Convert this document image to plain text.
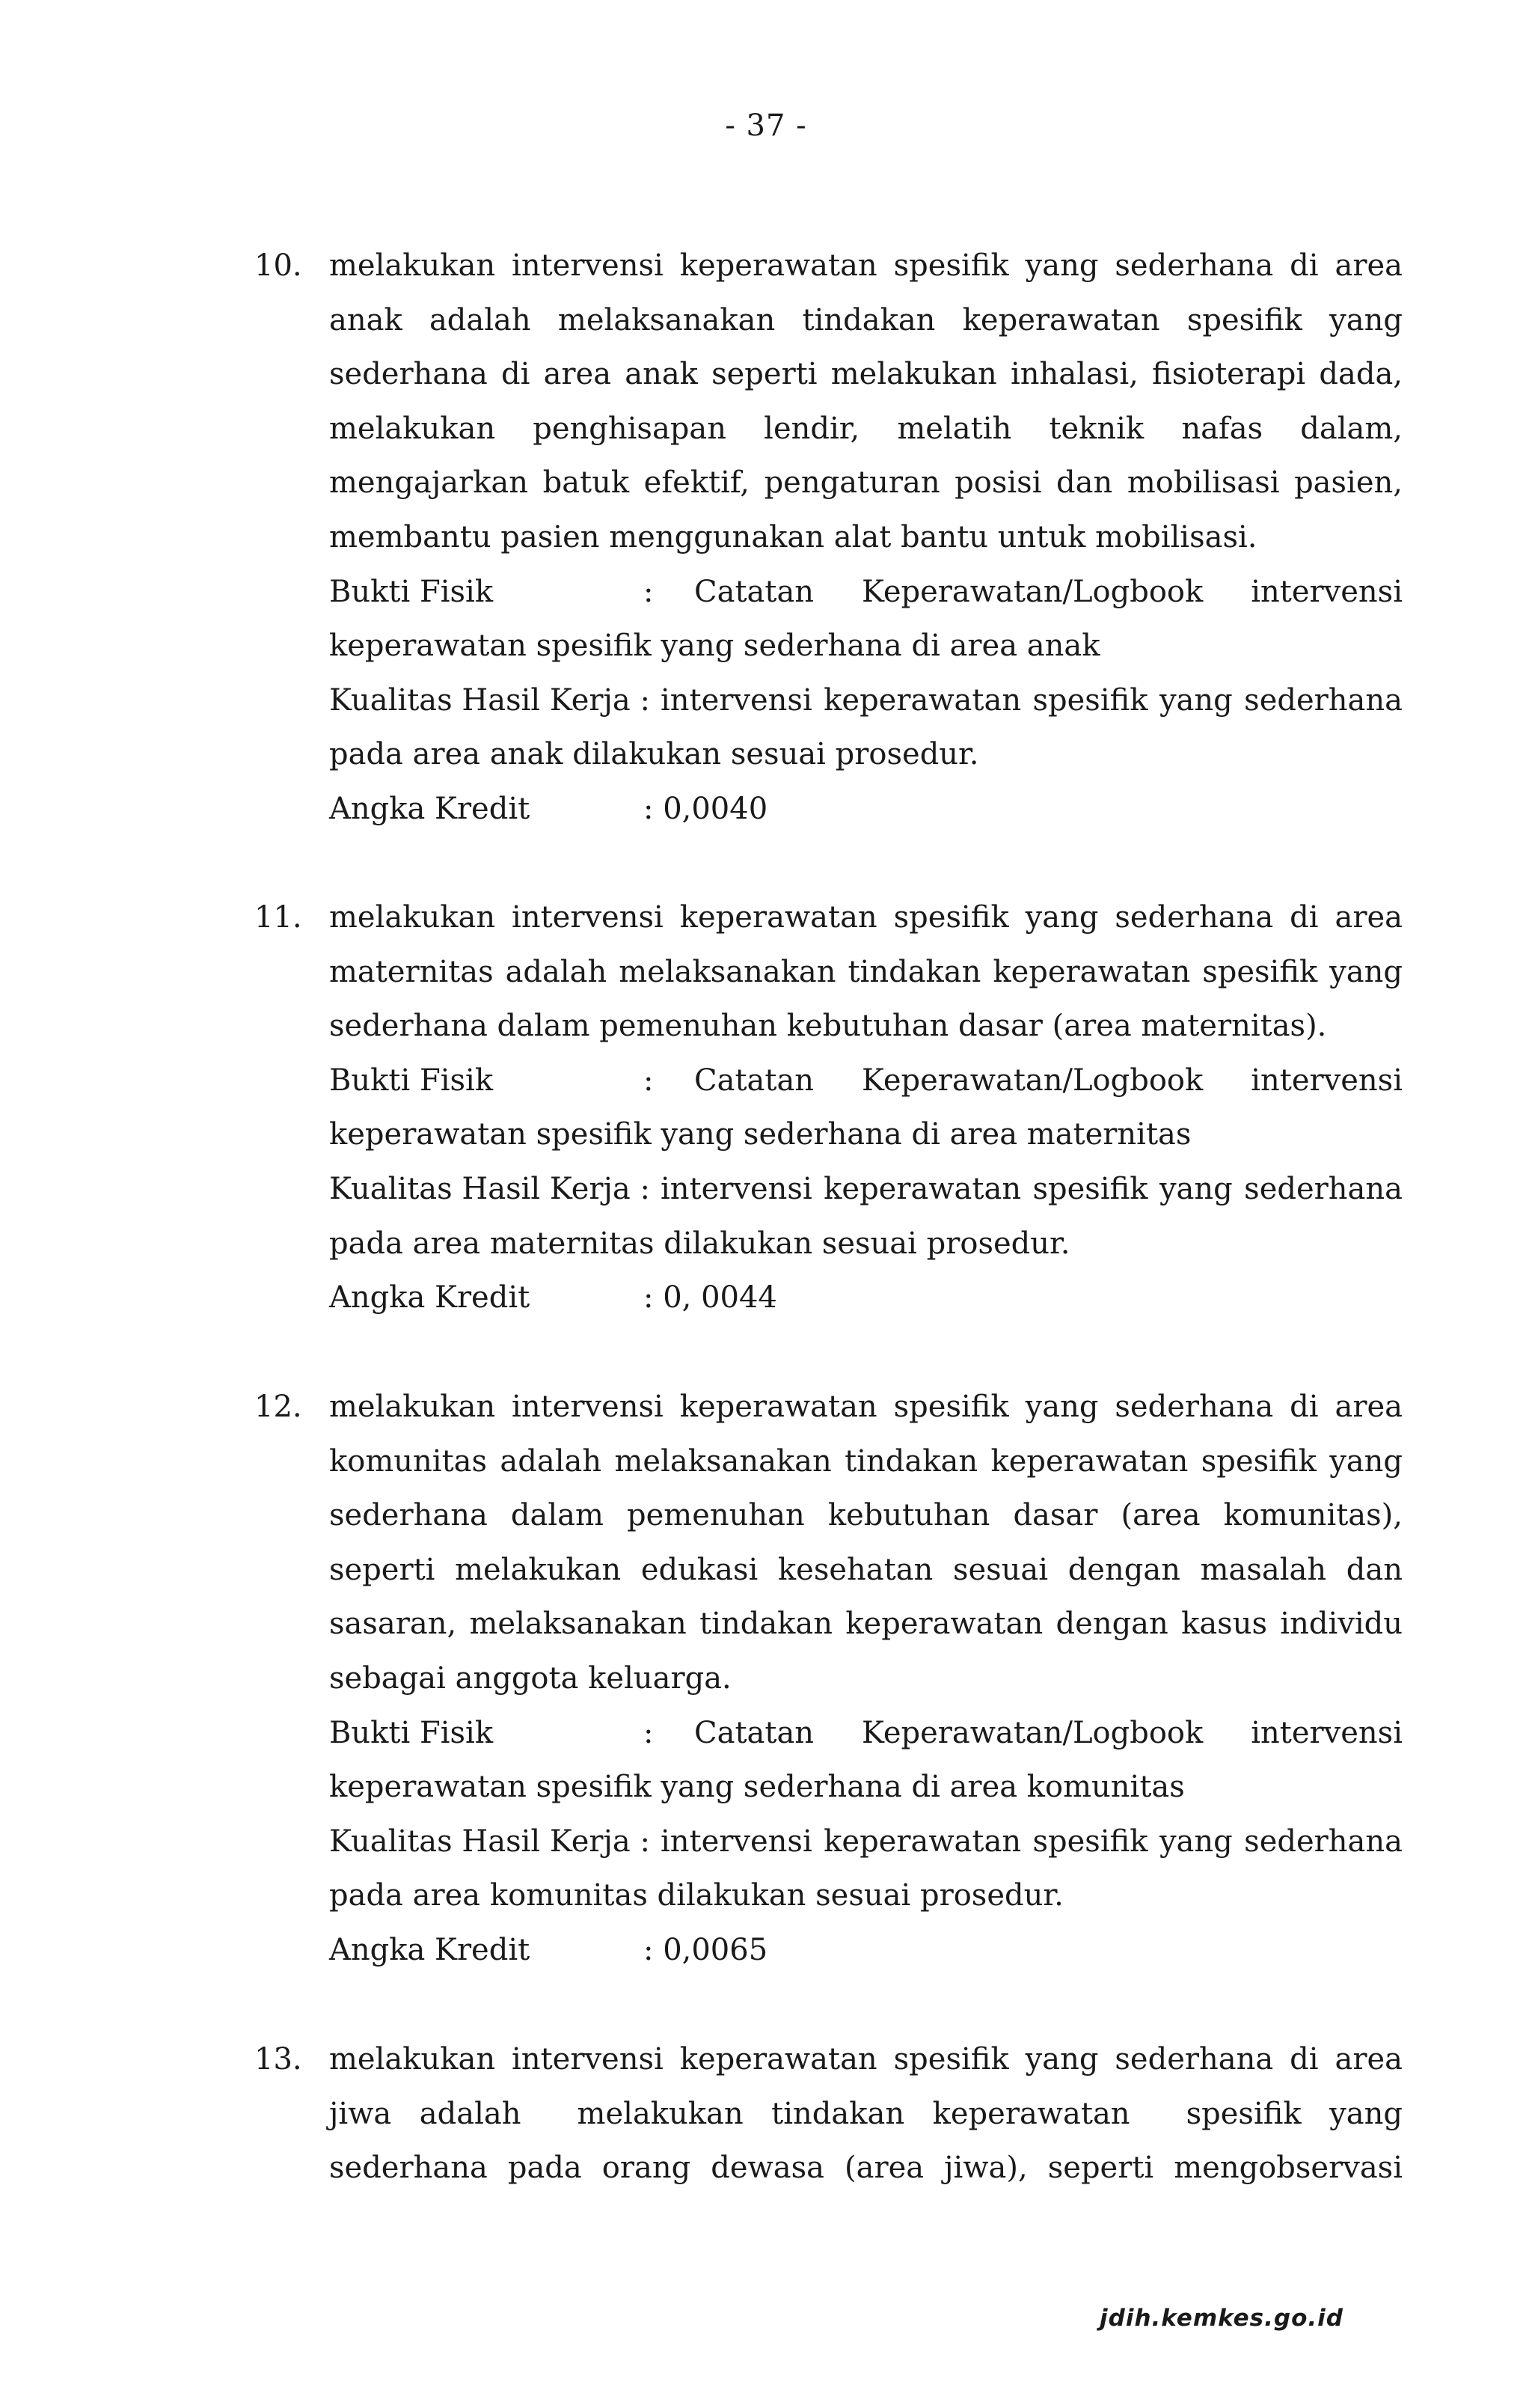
- 37 -
10. melakukan intervensi keperawatan spesifik yang sederhana di area anak adalah melaksanakan tindakan keperawatan spesifik yang sederhana di area anak seperti melakukan inhalasi, fisioterapi dada, melakukan penghisapan lendir, melatih teknik nafas dalam, mengajarkan batuk efektif, pengaturan posisi dan mobilisasi pasien, membantu pasien menggunakan alat bantu untuk mobilisasi.

Bukti Fisik	:	Catatan Keperawatan/Logbook intervensi
keperawatan spesifik yang sederhana di area anak
Kualitas Hasil Kerja : intervensi keperawatan spesifik yang sederhana
pada area anak dilakukan sesuai prosedur.
Angka Kredit	: 0,0040
11. melakukan intervensi keperawatan spesifik yang sederhana di area maternitas adalah melaksanakan tindakan keperawatan spesifik yang sederhana dalam pemenuhan kebutuhan dasar (area maternitas).

Bukti Fisik	:	Catatan Keperawatan/Logbook intervensi
keperawatan spesifik yang sederhana di area maternitas
Kualitas Hasil Kerja : intervensi keperawatan spesifik yang sederhana
pada area maternitas dilakukan sesuai prosedur.
Angka Kredit	: 0, 0044
12. melakukan intervensi keperawatan spesifik yang sederhana di area komunitas adalah melaksanakan tindakan keperawatan spesifik yang sederhana dalam pemenuhan kebutuhan dasar (area komunitas), seperti melakukan edukasi kesehatan sesuai dengan masalah dan sasaran, melaksanakan tindakan keperawatan dengan kasus individu sebagai anggota keluarga.

Bukti Fisik	:	Catatan Keperawatan/Logbook intervensi
keperawatan spesifik yang sederhana di area komunitas
Kualitas Hasil Kerja : intervensi keperawatan spesifik yang sederhana
pada area komunitas dilakukan sesuai prosedur.
Angka Kredit	: 0,0065
13. melakukan intervensi keperawatan spesifik yang sederhana di area jiwa adalah  melakukan tindakan keperawatan  spesifik yang sederhana pada orang dewasa (area jiwa), seperti mengobservasi

jdih.kemkes.go.id
